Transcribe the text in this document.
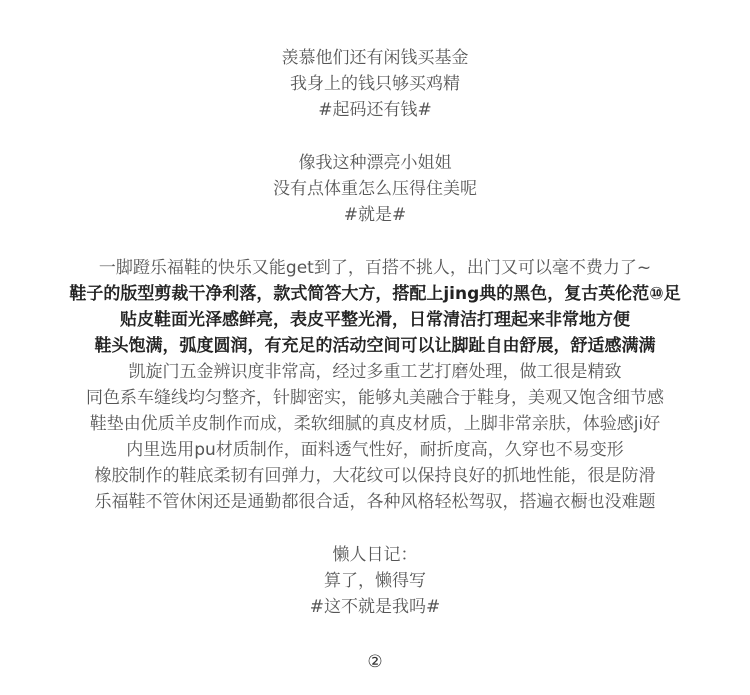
羡慕他们还有闲钱买基金
我身上的钱只够买鸡精
#起码还有钱#
像我这种漂亮小姐姐
没有点体重怎么压得住美呢
#就是#
一脚蹬乐福鞋的快乐又能get到了，百搭不挑人，出门又可以毫不费力了~
鞋子的版型剪裁干净利落，款式简答大方，搭配上jing典的黑色，复古英伦范⑩足
贴皮鞋面光泽感鲜亮，表皮平整光滑，日常清洁打理起来非常地方便
鞋头饱满，弧度圆润，有充足的活动空间可以让脚趾自由舒展，舒适感满满
凯旋门五金辨识度非常高，经过多重工艺打磨处理，做工很是精致
同色系车缝线均匀整齐，针脚密实，能够丸美融合于鞋身，美观又饱含细节感
鞋垫由优质羊皮制作而成，柔软细腻的真皮材质，上脚非常亲肤，体验感ji好
内里选用pu材质制作，面料透气性好，耐折度高，久穿也不易变形
橡胶制作的鞋底柔韧有回弹力，大花纹可以保持良好的抓地性能，很是防滑
乐福鞋不管休闲还是通勤都很合适，各种风格轻松驾驭，搭遍衣橱也没难题
懒人日记：
算了，懒得写
#这不就是我吗#
②
